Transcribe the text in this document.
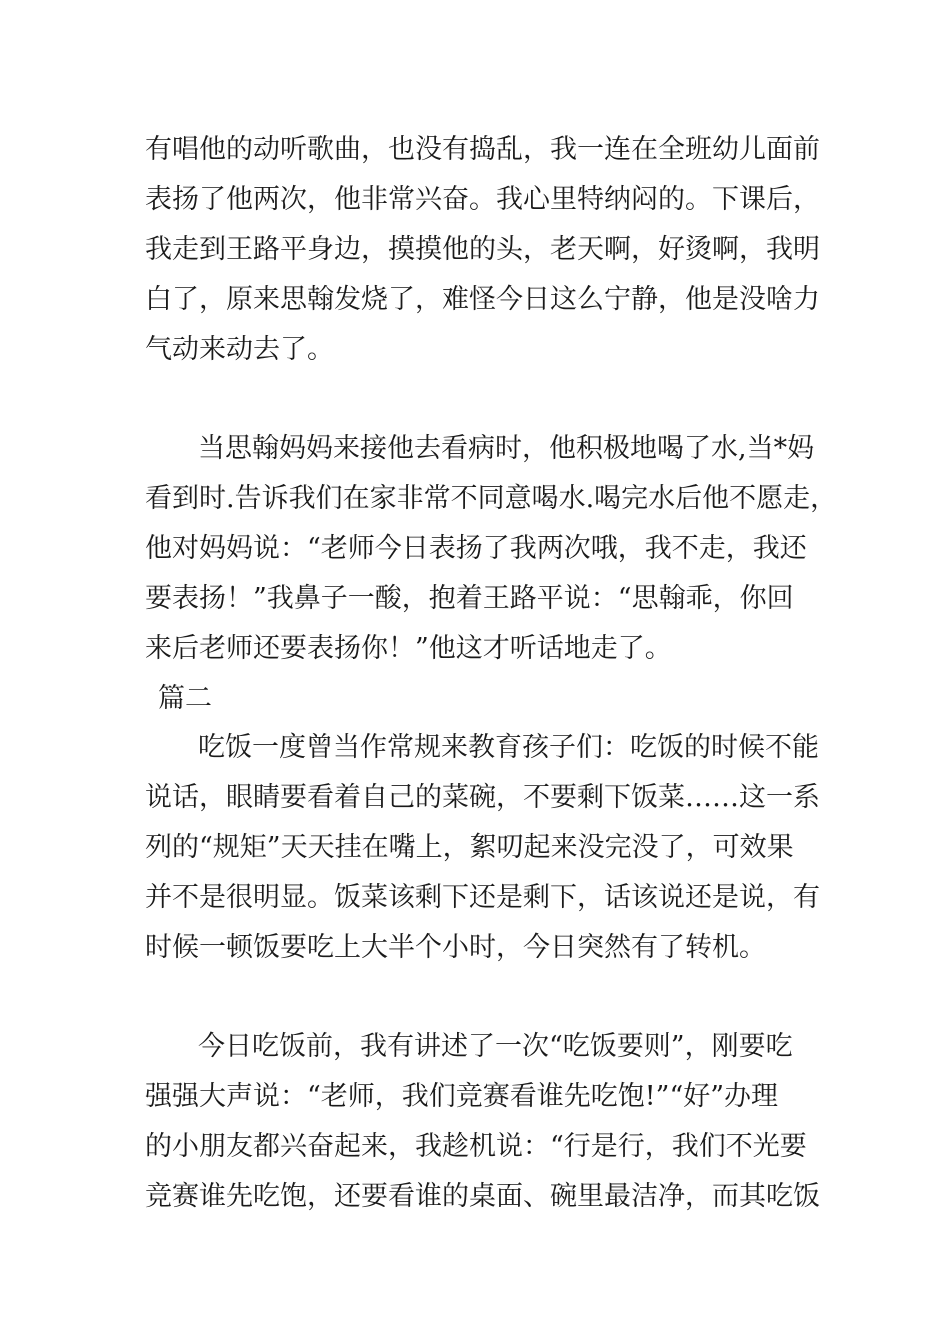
有唱他的动听歌曲，也没有捣乱，我一连在全班幼儿面前

表扬了他两次，他非常兴奋。我心里特纳闷的。下课后，

我走到王路平身边，摸摸他的头，老天啊，好烫啊，我明

白了，原来思翰发烧了，难怪今日这么宁静，他是没啥力

气动来动去了。

当思翰妈妈来接他去看病时，他积极地喝了水,当*妈

看到时.告诉我们在家非常不同意喝水.喝完水后他不愿走，

他对妈妈说：“老师今日表扬了我两次哦，我不走，我还

要表扬！”我鼻子一酸，抱着王路平说：“思翰乖，你回

来后老师还要表扬你！”他这才听话地走了。

篇二

吃饭一度曾当作常规来教育孩子们：吃饭的时候不能

说话，眼睛要看着自己的菜碗，不要剩下饭菜……这一系

列的“规矩”天天挂在嘴上，絮叨起来没完没了，可效果

并不是很明显。饭菜该剩下还是剩下，话该说还是说，有

时候一顿饭要吃上大半个小时，今日突然有了转机。

今日吃饭前，我有讲述了一次“吃饭要则”，刚要吃

强强大声说：“老师，我们竞赛看谁先吃饱!”“好”办理

的小朋友都兴奋起来，我趁机说：“行是行，我们不光要

竞赛谁先吃饱，还要看谁的桌面、碗里最洁净，而其吃饭
